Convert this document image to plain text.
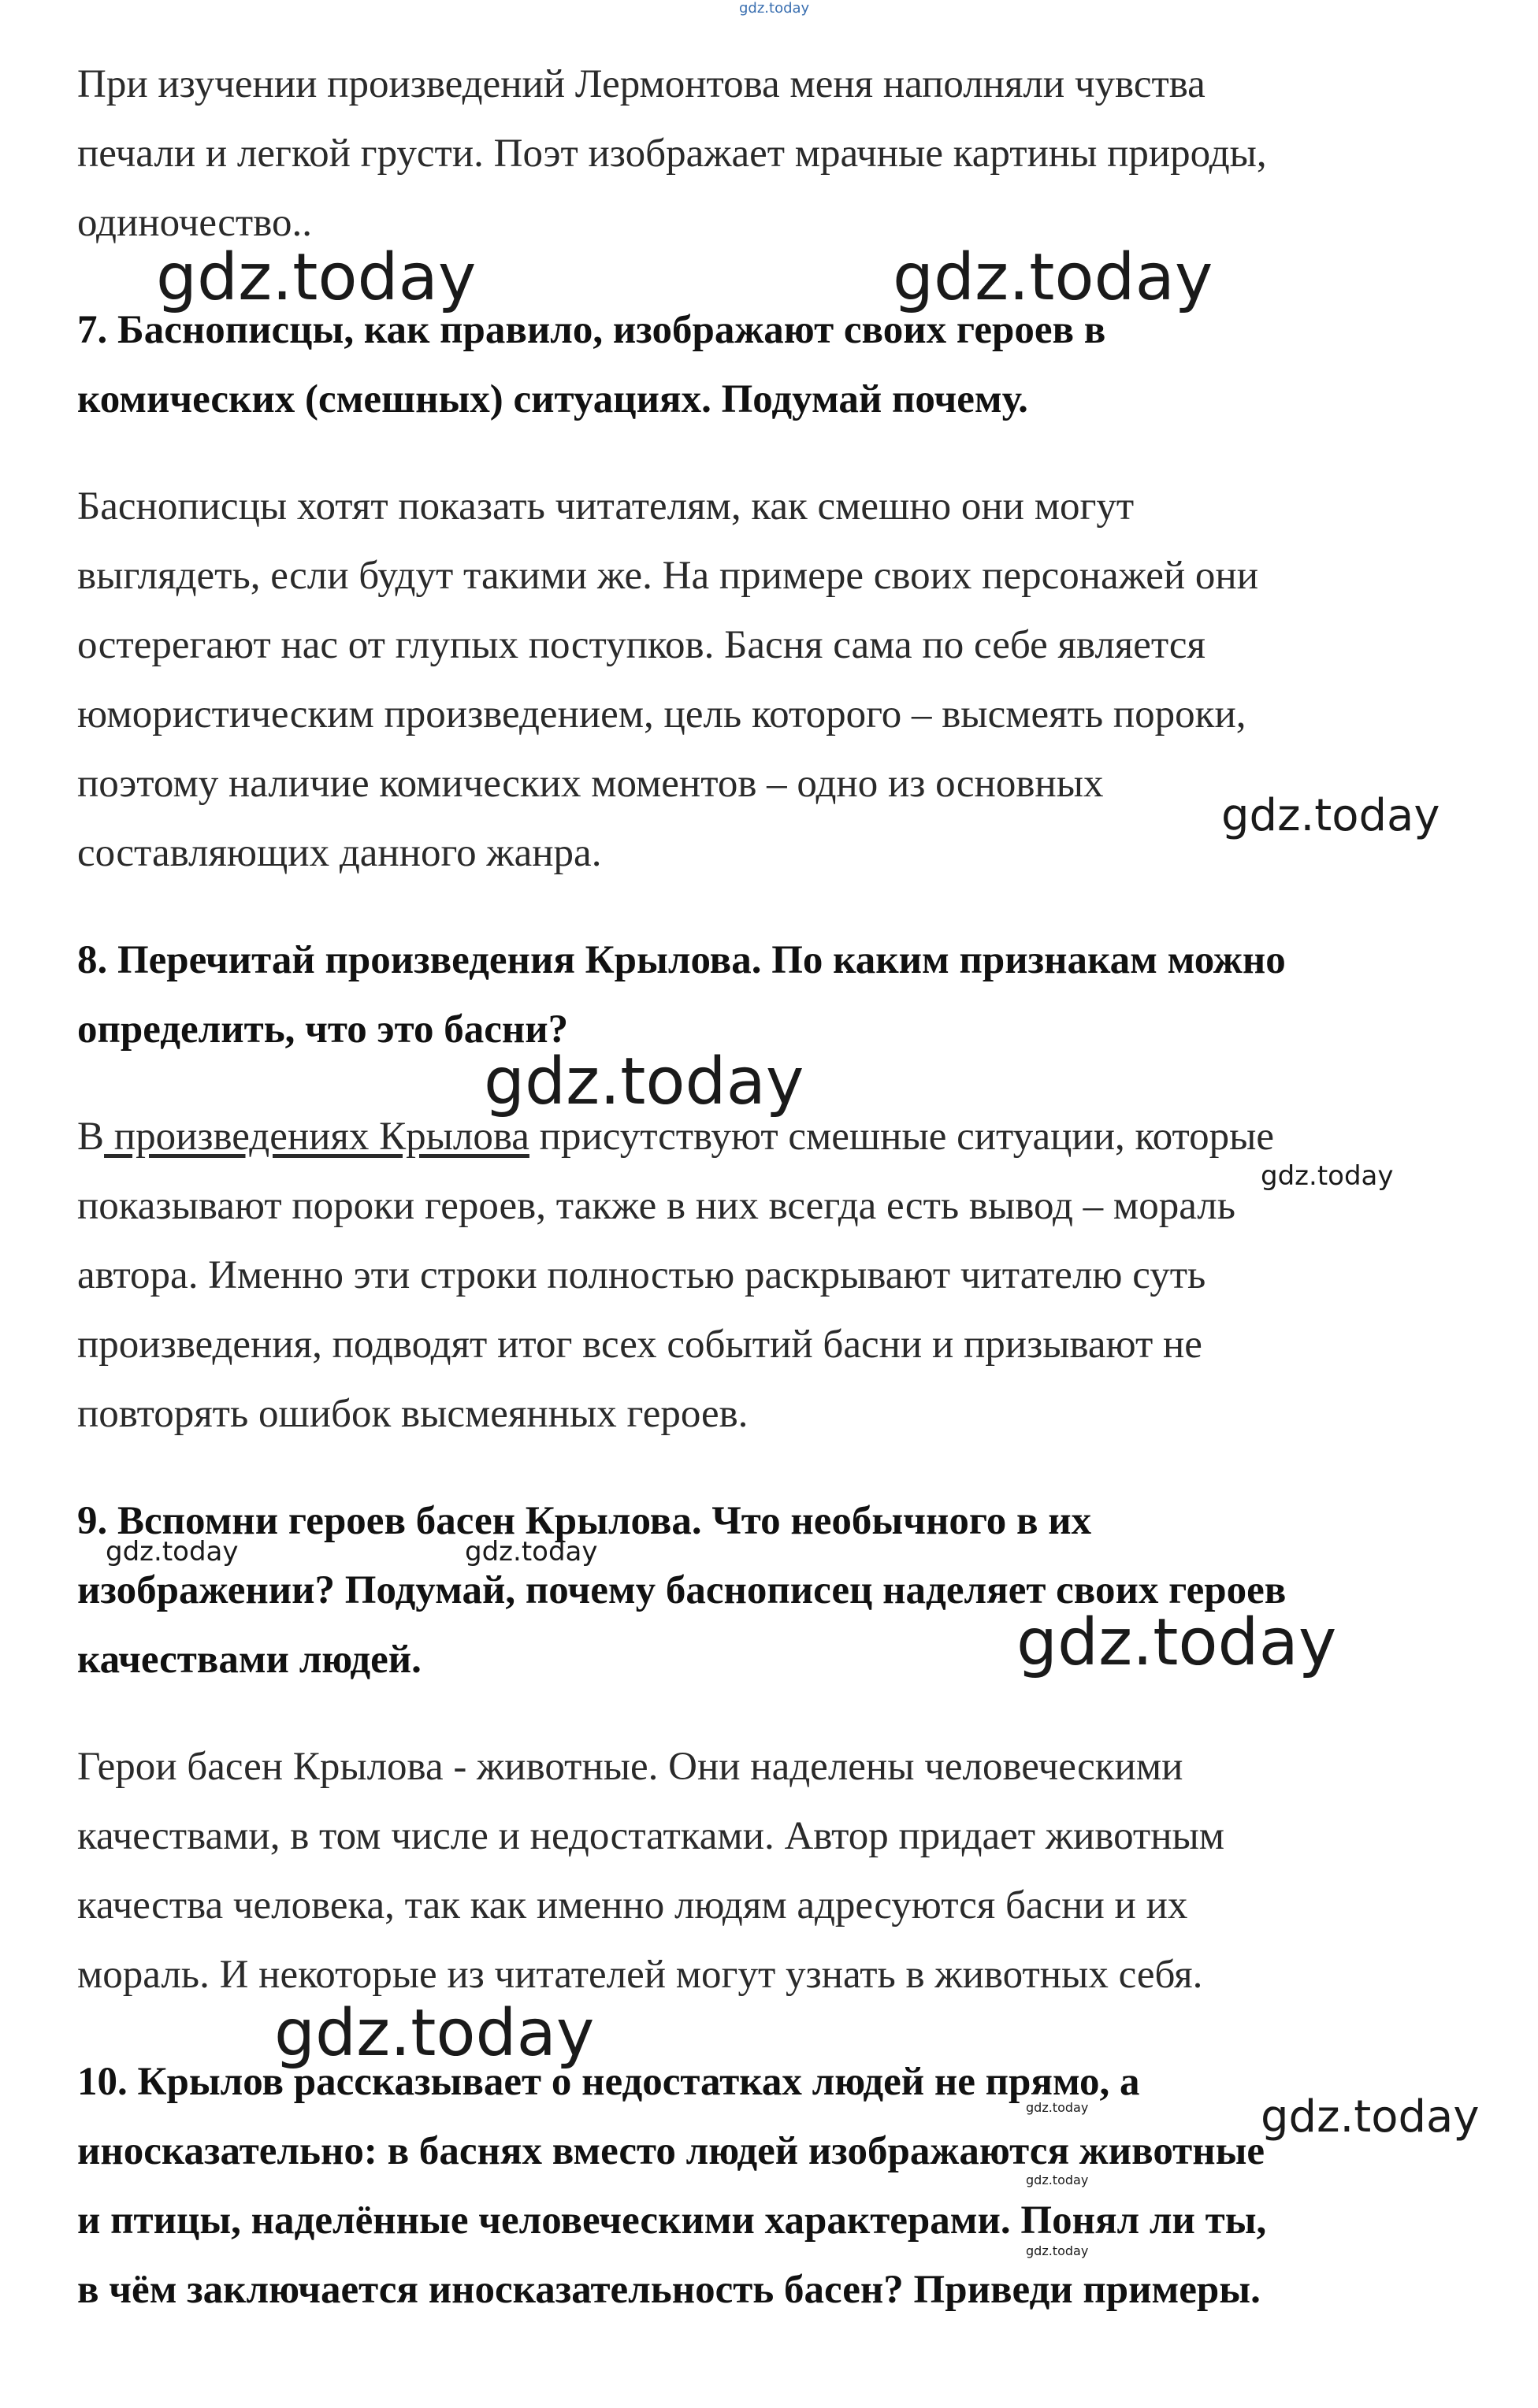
gdz.today
При изучении произведений Лермонтова меня наполняли чувства
печали и легкой грусти. Поэт изображает мрачные картины природы,
одиночество..
7. Баснописцы, как правило, изображают своих героев в
комических (смешных) ситуациях. Подумай почему.
Баснописцы хотят показать читателям, как смешно они могут
выглядеть, если будут такими же. На примере своих персонажей они
остерегают нас от глупых поступков. Басня сама по себе является
юмористическим произведением, цель которого – высмеять пороки,
поэтому наличие комических моментов – одно из основных
составляющих данного жанра.
8. Перечитай произведения Крылова. По каким признакам можно
определить, что это басни?
В произведениях Крылова присутствуют смешные ситуации, которые
показывают пороки героев, также в них всегда есть вывод – мораль
автора. Именно эти строки полностью раскрывают читателю суть
произведения, подводят итог всех событий басни и призывают не
повторять ошибок высмеянных героев.
9. Вспомни героев басен Крылова. Что необычного в их
изображении? Подумай, почему баснописец наделяет своих героев
качествами людей.
Герои басен Крылова - животные. Они наделены человеческими
качествами, в том числе и недостатками. Автор придает животным
качества человека, так как именно людям адресуются басни и их
мораль. И некоторые из читателей могут узнать в животных себя.
10. Крылов рассказывает о недостатках людей не прямо, а
иносказательно: в баснях вместо людей изображаются животные
и птицы, наделённые человеческими характерами. Понял ли ты,
в чём заключается иносказательность басен? Приведи примеры.
gdz.today	gdz.today
gdz.today
gdz.today
gdz.today
gdz.today	gdz.today
gdz.today
gdz.today
gdz.today
gdz.today
gdz.today
gdz.today
